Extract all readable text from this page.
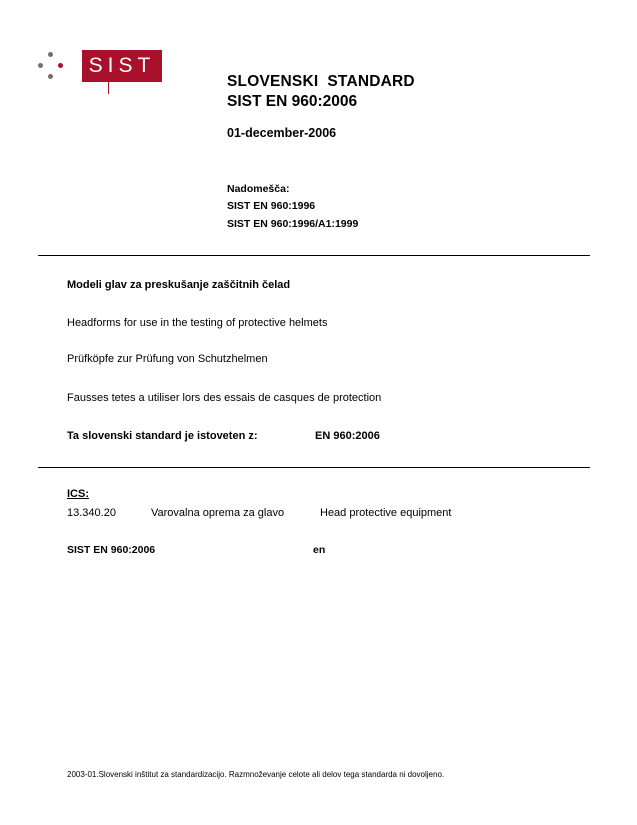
SIST
SLOVENSKI  STANDARD
SIST EN 960:2006
01-december-2006
Nadomešča:
SIST EN 960:1996
SIST EN 960:1996/A1:1999
Modeli glav za preskušanje zaščitnih čelad
Headforms for use in the testing of protective helmets
Prüfköpfe zur Prüfung von Schutzhelmen
Fausses tetes a utiliser lors des essais de casques de protection
Ta slovenski standard je istoveten z:	EN 960:2006
ICS:
13.340.20	Varovalna oprema za glavo	Head protective equipment
SIST EN 960:2006	en
2003-01.Slovenski inštitut za standardizacijo. Razmnoževanje celote ali delov tega standarda ni dovoljeno.
